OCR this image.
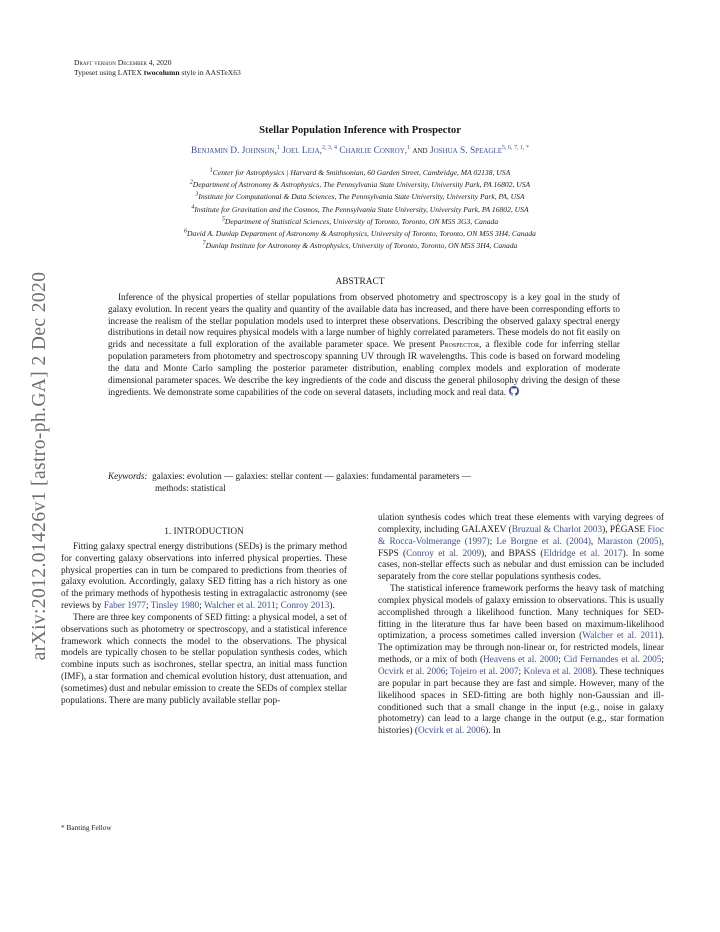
arXiv:2012.01426v1 [astro-ph.GA] 2 Dec 2020
Draft version December 4, 2020
Typeset using LATEX twocolumn style in AASTeX63
Stellar Population Inference with Prospector
Benjamin D. Johnson,$^1$ Joel Leja,$^{2, 3, 4}$ Charlie Conroy,$^1$ and Joshua S. Speagle$^{5, 6, 7, 1, *}$
$^1$Center for Astrophysics | Harvard & Smithsonian, 60 Garden Street, Cambridge, MA 02138, USA
$^2$Department of Astronomy & Astrophysics, The Pennsylvania State University, University Park, PA 16802, USA
$^3$Institute for Computational & Data Sciences, The Pennsylvania State University, University Park, PA, USA
$^4$Institute for Gravitation and the Cosmos, The Pennsylvania State University, University Park, PA 16802, USA
$^5$Department of Statistical Sciences, University of Toronto, Toronto, ON M5S 3G3, Canada
$^6$David A. Dunlap Department of Astronomy & Astrophysics, University of Toronto, Toronto, ON M5S 3H4, Canada
$^7$Dunlap Institute for Astronomy & Astrophysics, University of Toronto, Toronto, ON M5S 3H4, Canada
ABSTRACT
Inference of the physical properties of stellar populations from observed photometry and spectroscopy is a key goal in the study of galaxy evolution. In recent years the quality and quantity of the available data has increased, and there have been corresponding efforts to increase the realism of the stellar population models used to interpret these observations. Describing the observed galaxy spectral energy distributions in detail now requires physical models with a large number of highly correlated parameters. These models do not fit easily on grids and necessitate a full exploration of the available parameter space. We present Prospector, a flexible code for inferring stellar population parameters from photometry and spectroscopy spanning UV through IR wavelengths. This code is based on forward modeling the data and Monte Carlo sampling the posterior parameter distribution, enabling complex models and exploration of moderate dimensional parameter spaces. We describe the key ingredients of the code and discuss the general philosophy driving the design of these ingredients. We demonstrate some capabilities of the code on several datasets, including mock and real data.
Keywords: galaxies: evolution — galaxies: stellar content — galaxies: fundamental parameters —
methods: statistical

1. INTRODUCTION

Fitting galaxy spectral energy distributions (SEDs) is the primary method for converting galaxy observations into inferred physical properties. These physical properties can in turn be compared to predictions from theories of galaxy evolution. Accordingly, galaxy SED fitting has a rich history as one of the primary methods of hypothesis testing in extragalactic astronomy (see reviews by Faber 1977; Tinsley 1980; Walcher et al. 2011; Conroy 2013).

There are three key components of SED fitting: a physical model, a set of observations such as photometry or spectroscopy, and a statistical inference framework which connects the model to the observations. The physical models are typically chosen to be stellar population synthesis codes, which combine inputs such as isochrones, stellar spectra, an initial mass function (IMF), a star formation and chemical evolution history, dust attenuation, and (sometimes) dust and nebular emission to create the SEDs of complex stellar populations. There are many publicly available stellar pop-

* Banting Fellow

ulation synthesis codes which treat these elements with varying degrees of complexity, including GALAXEV (Bruzual & Charlot 2003), PÉGASE Fioc & Rocca-Volmerange (1997); Le Borgne et al. (2004), Maraston (2005), FSPS (Conroy et al. 2009), and BPASS (Eldridge et al. 2017). In some cases, non-stellar effects such as nebular and dust emission can be included separately from the core stellar populations synthesis codes.

The statistical inference framework performs the heavy task of matching complex physical models of galaxy emission to observations. This is usually accomplished through a likelihood function. Many techniques for SED-fitting in the literature thus far have been based on maximum-likelihood optimization, a process sometimes called inversion (Walcher et al. 2011). The optimization may be through non-linear or, for restricted models, linear methods, or a mix of both (Heavens et al. 2000; Cid Fernandes et al. 2005; Ocvirk et al. 2006; Tojeiro et al. 2007; Koleva et al. 2008). These techniques are popular in part because they are fast and simple. However, many of the likelihood spaces in SED-fitting are both highly non-Gaussian and ill-conditioned such that a small change in the input (e.g., noise in galaxy photometry) can lead to a large change in the output (e.g., star formation histories) (Ocvirk et al. 2006). In
